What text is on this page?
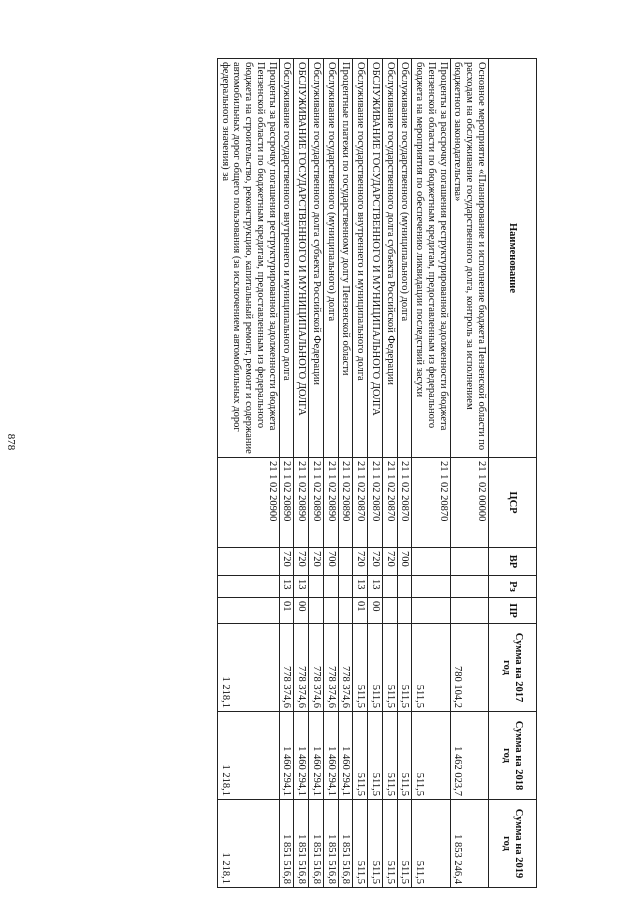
878
Наименование	ЦСР	ВР	Рз	ПР	Сумма на 2017 год	Сумма на 2018 год	Сумма на 2019 год
Основное мероприятие «Планирование и исполнение бюджета Пензенской области по расходам на обслуживание государственного долга, контроль за исполнением бюджетного законодательства»	21 1 02 00000				780 104,2	1 462 023,7	1 853 246,4
Проценты за рассрочку погашения реструктурированной задолженности бюджета Пензенской области по бюджетным кредитам, предоставленным из федерального бюджета на мероприятия по обеспечению ликвидации последствий засухи	21 1 02 20870				511,5	511,5	511,5
Обслуживание государственного (муниципального) долга	21 1 02 20870	700			511,5	511,5	511,5
Обслуживание государственного долга субъекта Российской Федерации	21 1 02 20870	720			511,5	511,5	511,5
ОБСЛУЖИВАНИЕ ГОСУДАРСТВЕННОГО И МУНИЦИПАЛЬНОГО ДОЛГА	21 1 02 20870	720	13	00	511,5	511,5	511,5
Обслуживание государственного внутреннего и муниципального долга	21 1 02 20870	720	13	01	511,5	511,5	511,5
Процентные платежи по государственному долгу Пензенской области	21 1 02 20890				778 374,6	1 460 294,1	1 851 516,8
Обслуживание государственного (муниципального) долга	21 1 02 20890	700			778 374,6	1 460 294,1	1 851 516,8
Обслуживание государственного долга субъекта Российской Федерации	21 1 02 20890	720			778 374,6	1 460 294,1	1 851 516,8
ОБСЛУЖИВАНИЕ ГОСУДАРСТВЕННОГО И МУНИЦИПАЛЬНОГО ДОЛГА	21 1 02 20890	720	13	00	778 374,6	1 460 294,1	1 851 516,8
Обслуживание государственного внутреннего и муниципального долга	21 1 02 20890	720	13	01	778 374,6	1 460 294,1	1 851 516,8
Проценты за рассрочку погашения реструктурированной задолженности бюджета Пензенской области по бюджетным кредитам, предоставленным из федерального бюджета на строительство, реконструкцию, капитальный ремонт, ремонт и содержание автомобильных дорог общего пользования (за исключением автомобильных дорог федерального значения) за	21 1 02 20900				1 218,1	1 218,1	1 218,1
